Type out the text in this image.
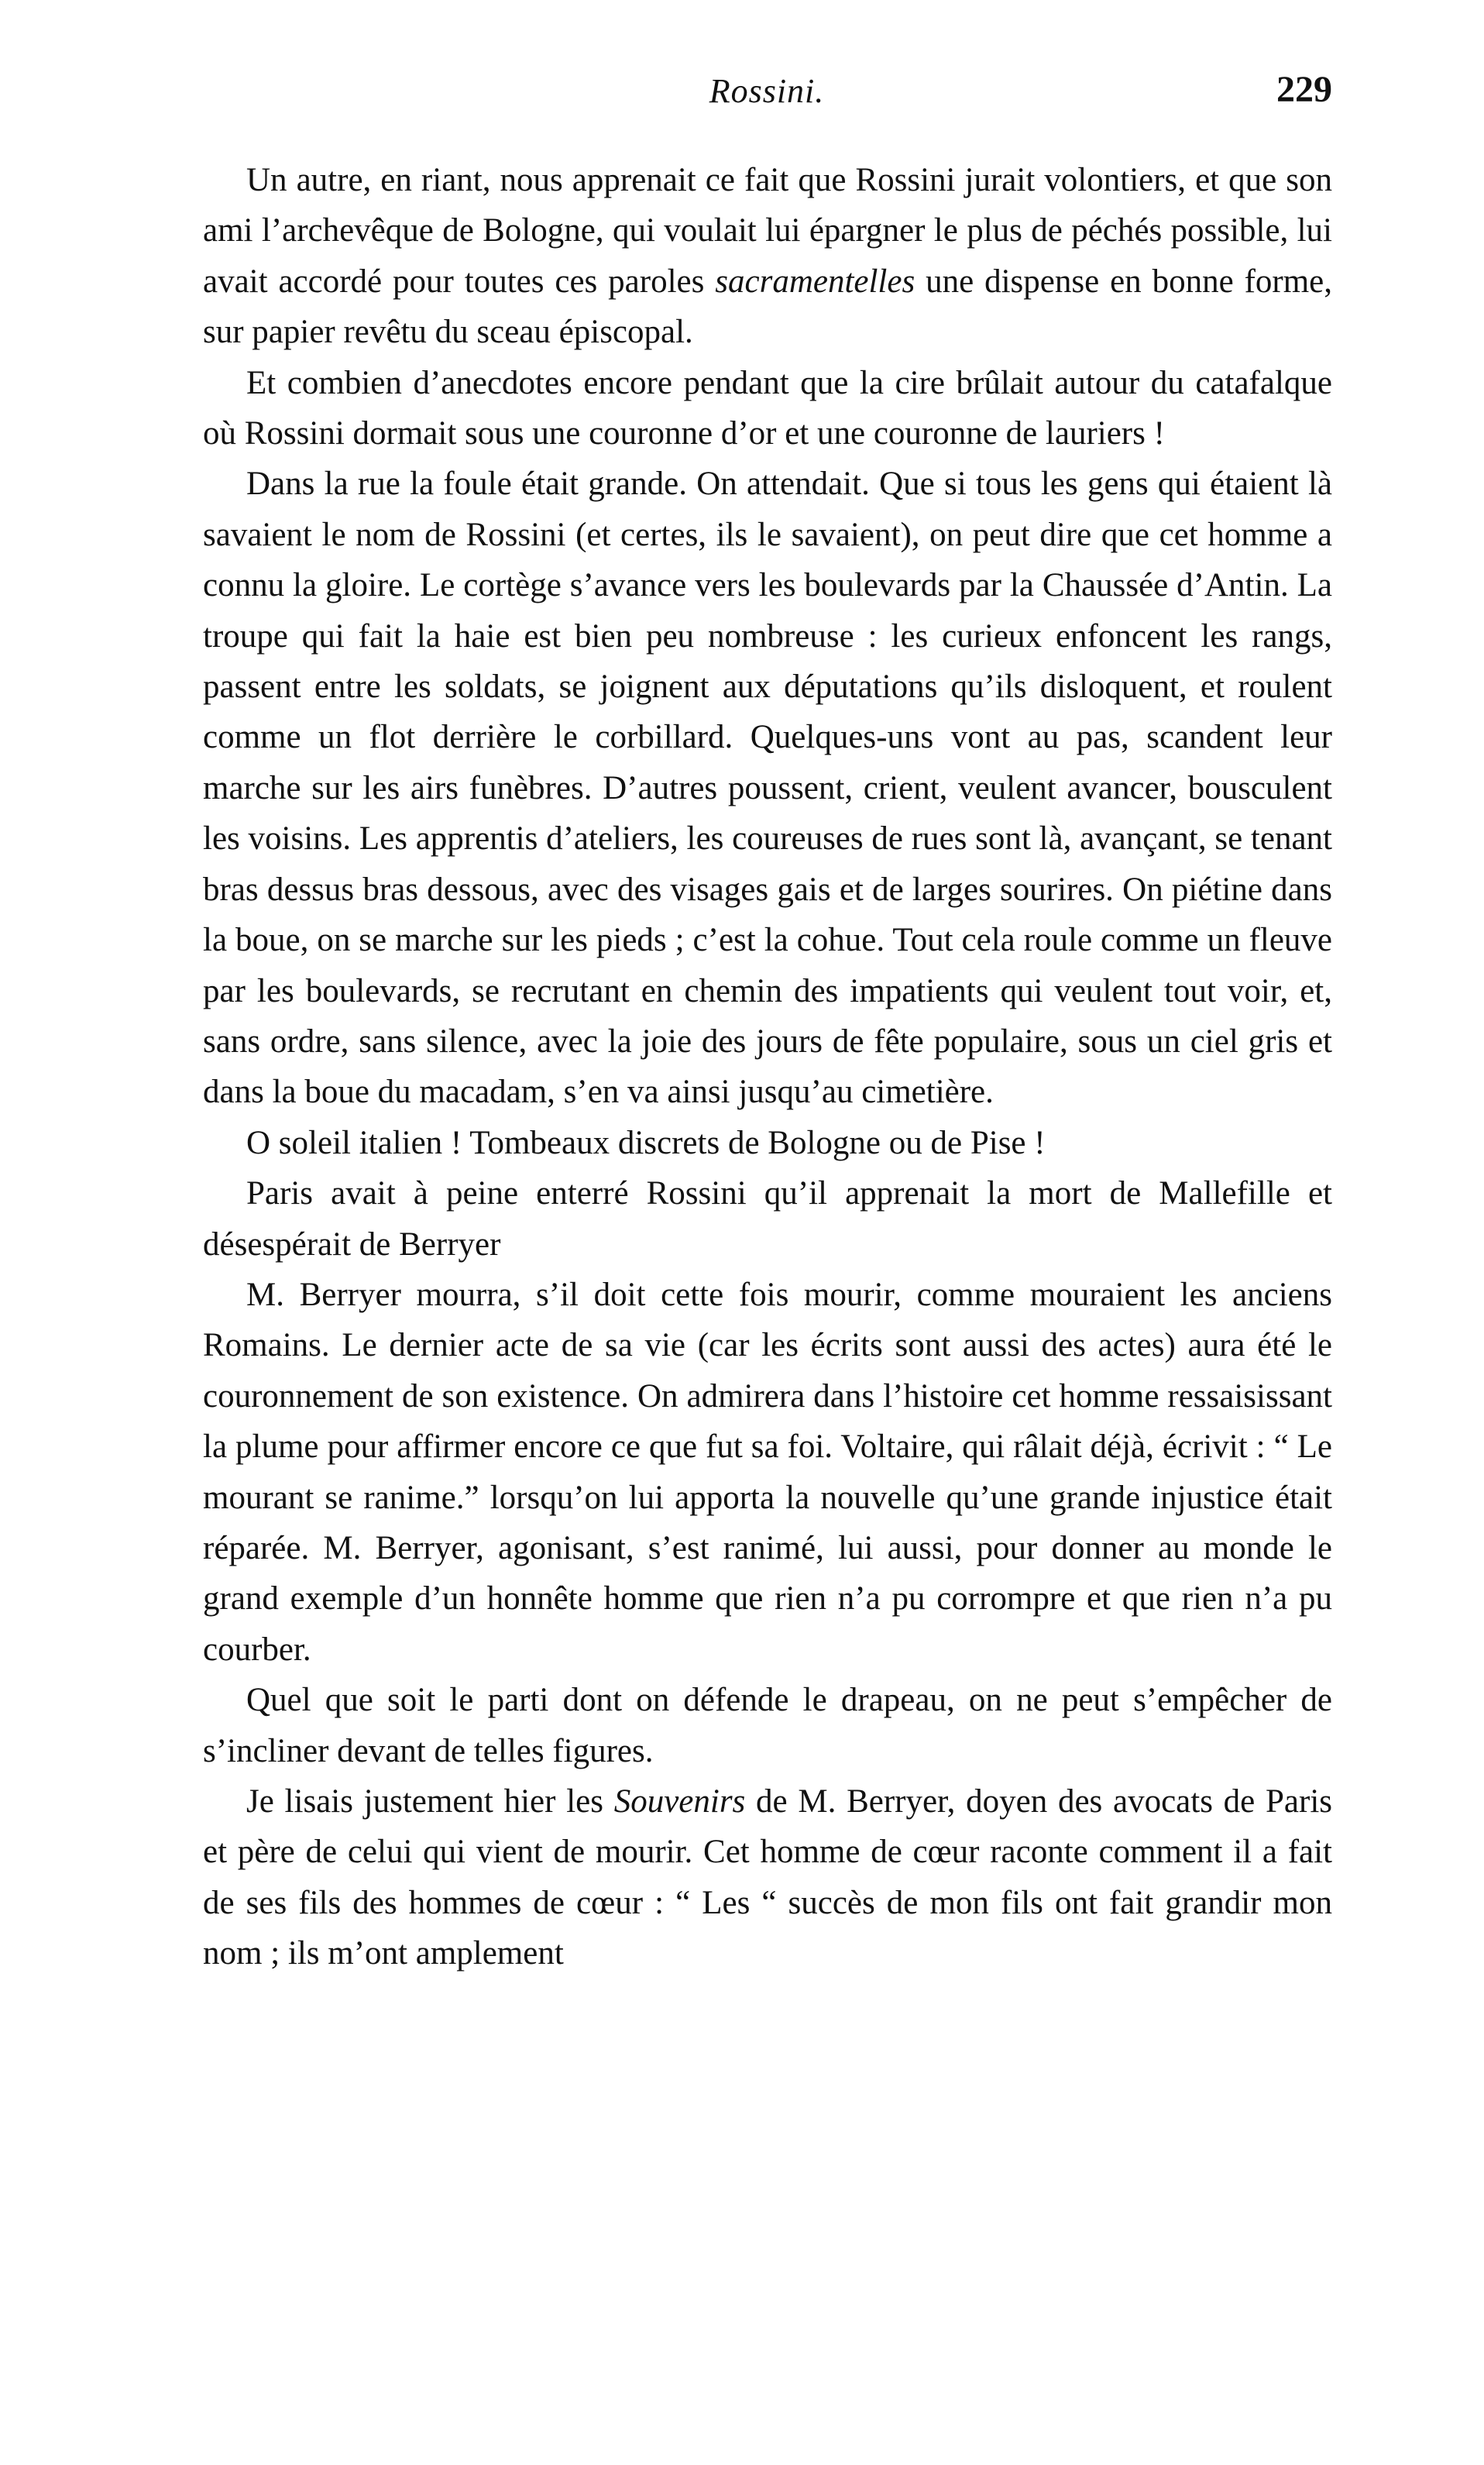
Rossini.	229

Un autre, en riant, nous apprenait ce fait que Rossini jurait volontiers, et que son ami l’archevêque de Bologne, qui voulait lui épargner le plus de péchés possible, lui avait accordé pour toutes ces paroles sacramentelles une dispense en bonne forme, sur papier revêtu du sceau épiscopal.

Et combien d’anecdotes encore pendant que la cire brûlait autour du catafalque où Rossini dormait sous une couronne d’or et une couronne de lauriers !

Dans la rue la foule était grande. On attendait. Que si tous les gens qui étaient là savaient le nom de Rossini (et certes, ils le savaient), on peut dire que cet homme a connu la gloire. Le cortège s’avance vers les boulevards par la Chaussée d’Antin. La troupe qui fait la haie est bien peu nombreuse : les curieux enfoncent les rangs, passent entre les soldats, se joignent aux députations qu’ils disloquent, et roulent comme un flot derrière le corbillard. Quelques-uns vont au pas, scandent leur marche sur les airs funèbres. D’autres poussent, crient, veulent avancer, bousculent les voisins. Les apprentis d’ateliers, les coureuses de rues sont là, avançant, se tenant bras dessus bras dessous, avec des visages gais et de larges sourires. On piétine dans la boue, on se marche sur les pieds ; c’est la cohue. Tout cela roule comme un fleuve par les boulevards, se recrutant en chemin des impatients qui veulent tout voir, et, sans ordre, sans silence, avec la joie des jours de fête populaire, sous un ciel gris et dans la boue du macadam, s’en va ainsi jusqu’au cimetière.

O soleil italien ! Tombeaux discrets de Bologne ou de Pise !

Paris avait à peine enterré Rossini qu’il apprenait la mort de Mallefille et désespérait de Berryer

M. Berryer mourra, s’il doit cette fois mourir, comme mouraient les anciens Romains. Le dernier acte de sa vie (car les écrits sont aussi des actes) aura été le couronnement de son existence. On admirera dans l’histoire cet homme ressaisissant la plume pour affirmer encore ce que fut sa foi. Voltaire, qui râlait déjà, écrivit : “ Le mourant se ranime.” lorsqu’on lui apporta la nouvelle qu’une grande injustice était réparée. M. Berryer, agonisant, s’est ranimé, lui aussi, pour donner au monde le grand exemple d’un honnête homme que rien n’a pu corrompre et que rien n’a pu courber.

Quel que soit le parti dont on défende le drapeau, on ne peut s’empêcher de s’incliner devant de telles figures.

Je lisais justement hier les Souvenirs de M. Berryer, doyen des avocats de Paris et père de celui qui vient de mourir. Cet homme de cœur raconte comment il a fait de ses fils des hommes de cœur : “ Les “ succès de mon fils ont fait grandir mon nom ; ils m’ont amplement
